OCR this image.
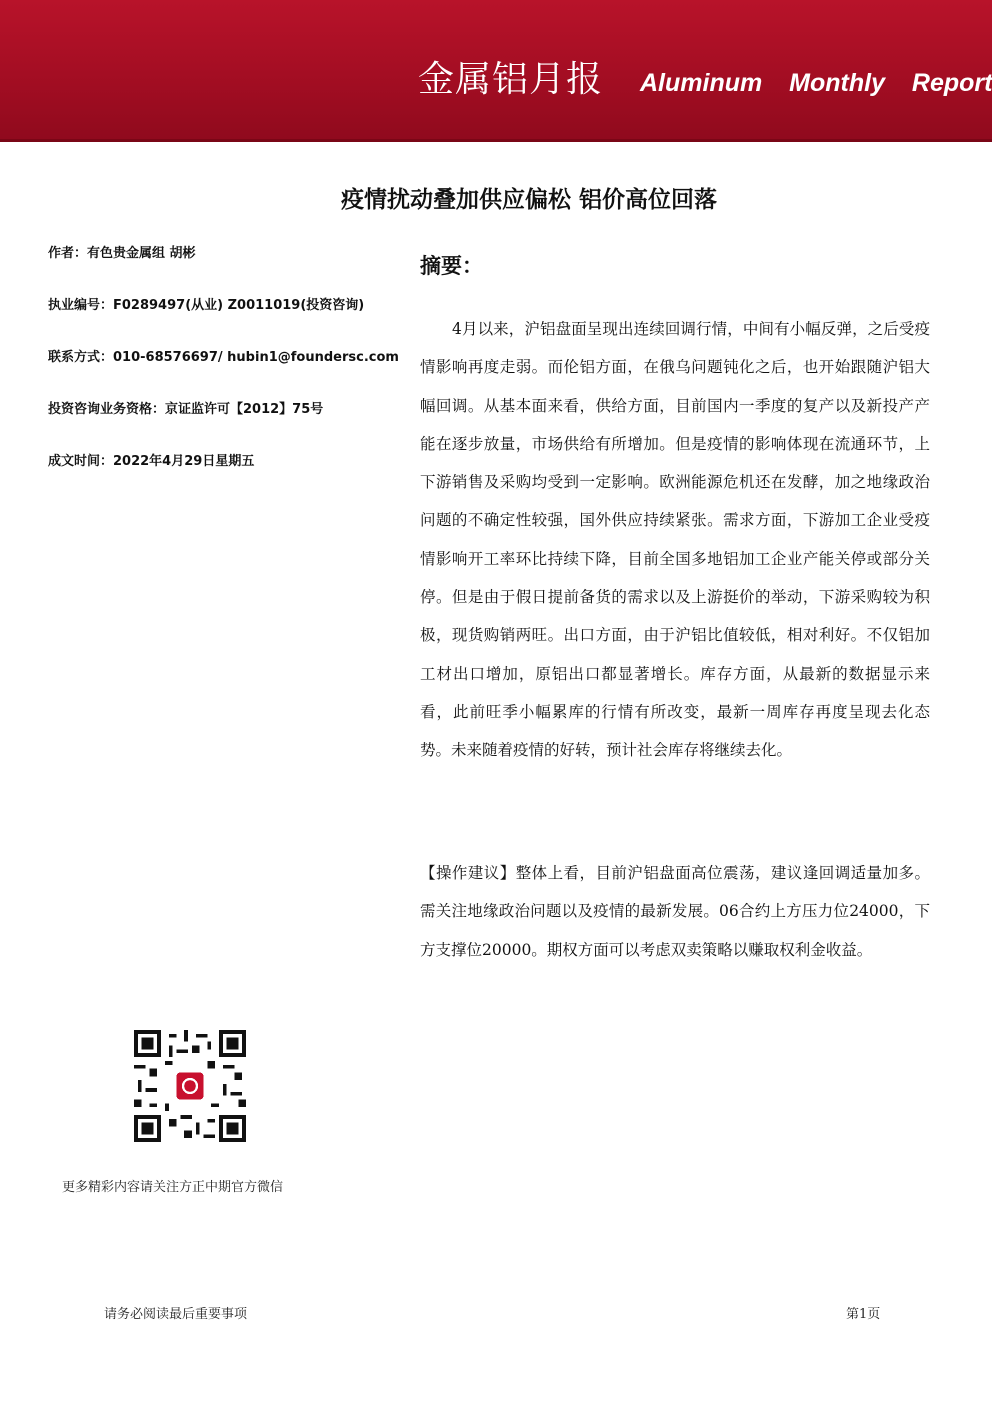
金属铝月报 Aluminum Monthly Report
疫情扰动叠加供应偏松 铝价高位回落
作者：有色贵金属组 胡彬
执业编号：F0289497(从业) Z0011019(投资咨询)
联系方式：010-68576697/ hubin1@foundersc.com
投资咨询业务资格：京证监许可【2012】75号
成文时间：2022年4月29日星期五
摘要：
4月以来，沪铝盘面呈现出连续回调行情，中间有小幅反弹，之后受疫情影响再度走弱。而伦铝方面，在俄乌问题钝化之后，也开始跟随沪铝大幅回调。从基本面来看，供给方面，目前国内一季度的复产以及新投产产能在逐步放量，市场供给有所增加。但是疫情的影响体现在流通环节，上下游销售及采购均受到一定影响。欧洲能源危机还在发酵，加之地缘政治问题的不确定性较强，国外供应持续紧张。需求方面，下游加工企业受疫情影响开工率环比持续下降，目前全国多地铝加工企业产能关停或部分关停。但是由于假日提前备货的需求以及上游挺价的举动，下游采购较为积极，现货购销两旺。出口方面，由于沪铝比值较低，相对利好。不仅铝加工材出口增加，原铝出口都显著增长。库存方面，从最新的数据显示来看，此前旺季小幅累库的行情有所改变，最新一周库存再度呈现去化态势。未来随着疫情的好转，预计社会库存将继续去化。
【操作建议】整体上看，目前沪铝盘面高位震荡，建议逢回调适量加多。需关注地缘政治问题以及疫情的最新发展。06合约上方压力位24000，下方支撑位20000。期权方面可以考虑双卖策略以赚取权利金收益。
更多精彩内容请关注方正中期官方微信
请务必阅读最后重要事项	第1页
